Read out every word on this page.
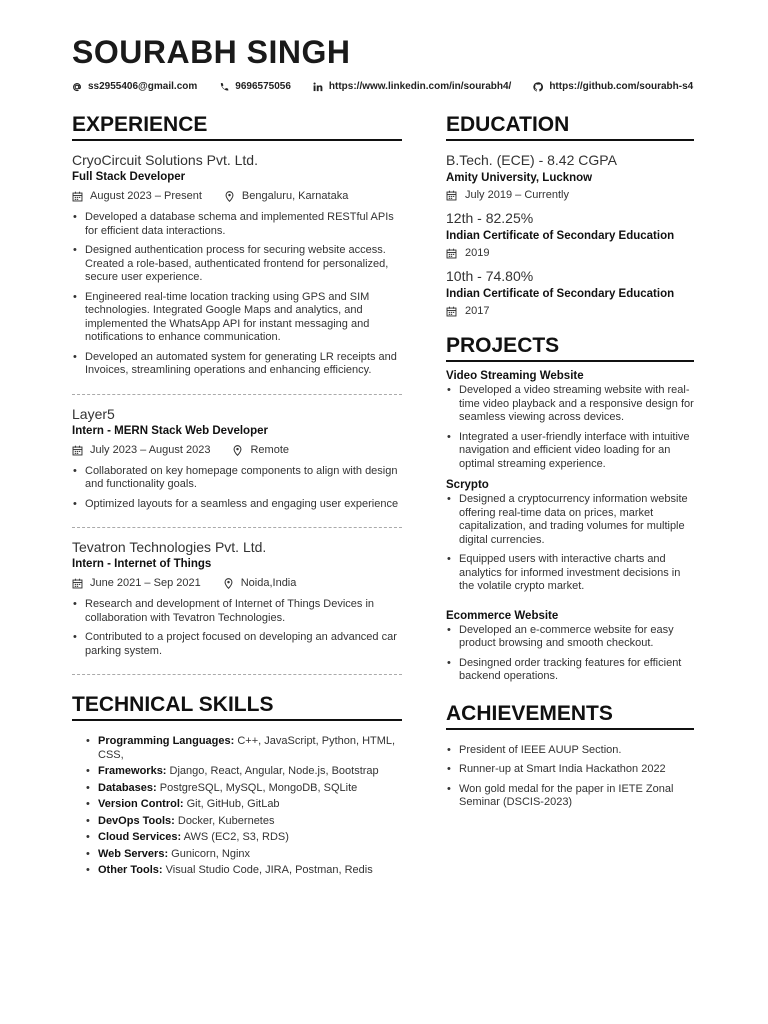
SOURABH SINGH
ss2955406@gmail.com	9696575056	https://www.linkedin.com/in/sourabh4/	https://github.com/sourabh-s4
EXPERIENCE
CryoCircuit Solutions Pvt. Ltd.
Full Stack Developer
August 2023 – Present	Bengaluru, Karnataka
• Developed a database schema and implemented RESTful APIs for efficient data interactions.
• Designed authentication process for securing website access. Created a role-based, authenticated frontend for personalized, secure user experience.
• Engineered real-time location tracking using GPS and SIM technologies. Integrated Google Maps and analytics, and implemented the WhatsApp API for instant messaging and notifications to enhance communication.
• Developed an automated system for generating LR receipts and Invoices, streamlining operations and enhancing efficiency.
Layer5
Intern - MERN Stack Web Developer
July 2023 – August 2023	Remote
• Collaborated on key homepage components to align with design and functionality goals.
• Optimized layouts for a seamless and engaging user experience
Tevatron Technologies Pvt. Ltd.
Intern - Internet of Things
June 2021 – Sep 2021	Noida,India
• Research and development of Internet of Things Devices in collaboration with Tevatron Technologies.
• Contributed to a project focused on developing an advanced car parking system.
TECHNICAL SKILLS
• Programming Languages: C++, JavaScript, Python, HTML, CSS,
• Frameworks: Django, React, Angular, Node.js, Bootstrap
• Databases: PostgreSQL, MySQL, MongoDB, SQLite
• Version Control: Git, GitHub, GitLab
• DevOps Tools: Docker, Kubernetes
• Cloud Services: AWS (EC2, S3, RDS)
• Web Servers: Gunicorn, Nginx
• Other Tools: Visual Studio Code, JIRA, Postman, Redis
EDUCATION
B.Tech. (ECE) - 8.42 CGPA
Amity University, Lucknow
July 2019 – Currently
12th - 82.25%
Indian Certificate of Secondary Education
2019
10th - 74.80%
Indian Certificate of Secondary Education
2017
PROJECTS
Video Streaming Website
• Developed a video streaming website with real-time video playback and a responsive design for seamless viewing across devices.
• Integrated a user-friendly interface with intuitive navigation and efficient video loading for an optimal streaming experience.
Scrypto
• Designed a cryptocurrency information website offering real-time data on prices, market capitalization, and trading volumes for multiple digital currencies.
• Equipped users with interactive charts and analytics for informed investment decisions in the volatile crypto market.
Ecommerce Website
• Developed an e-commerce website for easy product browsing and smooth checkout.
• Desingned order tracking features for efficient backend operations.
ACHIEVEMENTS
• President of IEEE AUUP Section.
• Runner-up at Smart India Hackathon 2022
• Won gold medal for the paper in IETE Zonal Seminar (DSCIS-2023)
